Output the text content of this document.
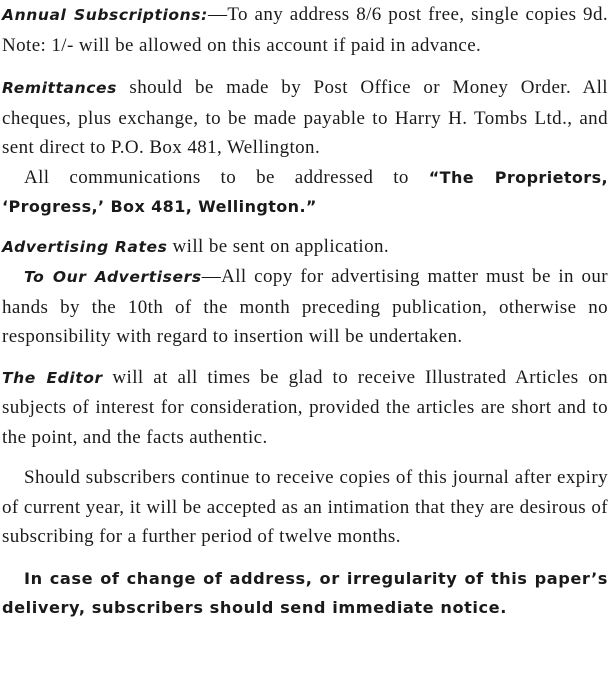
Annual Subscriptions:—To any address 8/6 post free, single copies 9d. Note: 1/- will be allowed on this account if paid in advance.

Remittances should be made by Post Office or Money Order. All cheques, plus exchange, to be made payable to Harry H. Tombs Ltd., and sent direct to P.O. Box 481, Wellington.

All communications to be addressed to “The Proprietors, ‘Progress,’ Box 481, Wellington.”

Advertising Rates will be sent on application.

To Our Advertisers—All copy for advertising matter must be in our hands by the 10th of the month preceding publication, otherwise no responsibility with regard to insertion will be undertaken.

The Editor will at all times be glad to receive Illustrated Articles on subjects of interest for consideration, provided the articles are short and to the point, and the facts authentic.

Should subscribers continue to receive copies of this journal after expiry of current year, it will be accepted as an intimation that they are desirous of subscribing for a further period of twelve months.

In case of change of address, or irregularity of this paper’s delivery, subscribers should send immediate notice.
